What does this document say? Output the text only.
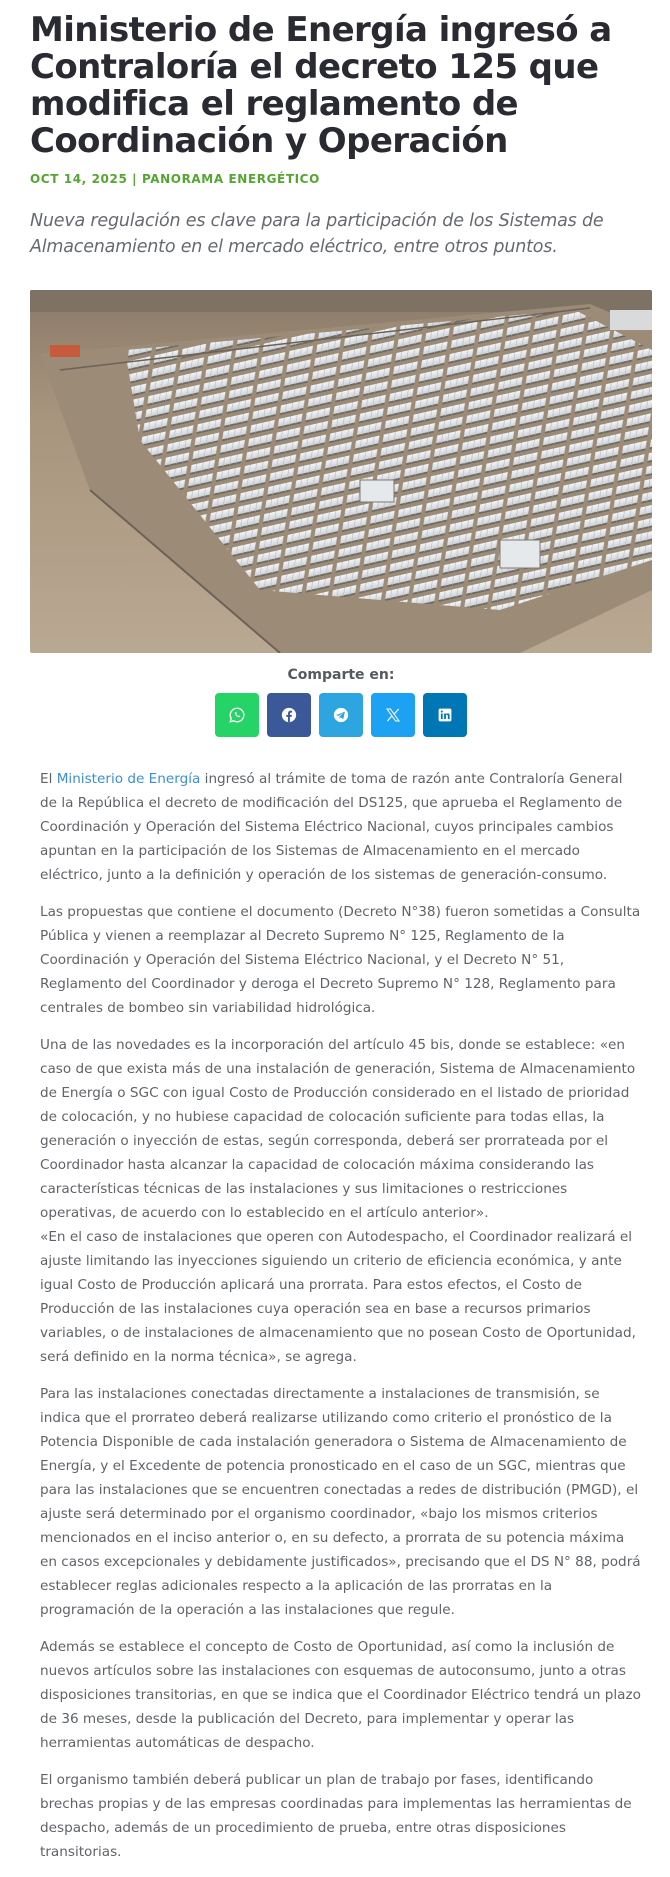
Ministerio de Energía ingresó a Contraloría el decreto 125 que modifica el reglamento de Coordinación y Operación
OCT 14, 2025 | PANORAMA ENERGÉTICO
Nueva regulación es clave para la participación de los Sistemas de Almacenamiento en el mercado eléctrico, entre otros puntos.
Comparte en:

El Ministerio de Energía ingresó al trámite de toma de razón ante Contraloría General de la República el decreto de modificación del DS125, que aprueba el Reglamento de Coordinación y Operación del Sistema Eléctrico Nacional, cuyos principales cambios apuntan en la participación de los Sistemas de Almacenamiento en el mercado eléctrico, junto a la definición y operación de los sistemas de generación-consumo.

Las propuestas que contiene el documento (Decreto N°38) fueron sometidas a Consulta Pública y vienen a reemplazar al Decreto Supremo N° 125, Reglamento de la Coordinación y Operación del Sistema Eléctrico Nacional, y el Decreto N° 51, Reglamento del Coordinador y deroga el Decreto Supremo N° 128, Reglamento para centrales de bombeo sin variabilidad hidrológica.

Una de las novedades es la incorporación del artículo 45 bis, donde se establece: «en caso de que exista más de una instalación de generación, Sistema de Almacenamiento de Energía o SGC con igual Costo de Producción considerado en el listado de prioridad de colocación, y no hubiese capacidad de colocación suficiente para todas ellas, la generación o inyección de estas, según corresponda, deberá ser prorrateada por el Coordinador hasta alcanzar la capacidad de colocación máxima considerando las características técnicas de las instalaciones y sus limitaciones o restricciones operativas, de acuerdo con lo establecido en el artículo anterior».
«En el caso de instalaciones que operen con Autodespacho, el Coordinador realizará el ajuste limitando las inyecciones siguiendo un criterio de eficiencia económica, y ante igual Costo de Producción aplicará una prorrata. Para estos efectos, el Costo de Producción de las instalaciones cuya operación sea en base a recursos primarios variables, o de instalaciones de almacenamiento que no posean Costo de Oportunidad, será definido en la norma técnica», se agrega.

Para las instalaciones conectadas directamente a instalaciones de transmisión, se indica que el prorrateo deberá realizarse utilizando como criterio el pronóstico de la Potencia Disponible de cada instalación generadora o Sistema de Almacenamiento de Energía, y el Excedente de potencia pronosticado en el caso de un SGC, mientras que para las instalaciones que se encuentren conectadas a redes de distribución (PMGD), el ajuste será determinado por el organismo coordinador, «bajo los mismos criterios mencionados en el inciso anterior o, en su defecto, a prorrata de su potencia máxima en casos excepcionales y debidamente justificados», precisando que el DS N° 88, podrá establecer reglas adicionales respecto a la aplicación de las prorratas en la programación de la operación a las instalaciones que regule.

Además se establece el concepto de Costo de Oportunidad, así como la inclusión de nuevos artículos sobre las instalaciones con esquemas de autoconsumo, junto a otras disposiciones transitorias, en que se indica que el Coordinador Eléctrico tendrá un plazo de 36 meses, desde la publicación del Decreto, para implementar y operar las herramientas automáticas de despacho.

El organismo también deberá publicar un plan de trabajo por fases, identificando brechas propias y de las empresas coordinadas para implementas las herramientas de despacho, además de un procedimiento de prueba, entre otras disposiciones transitorias.
